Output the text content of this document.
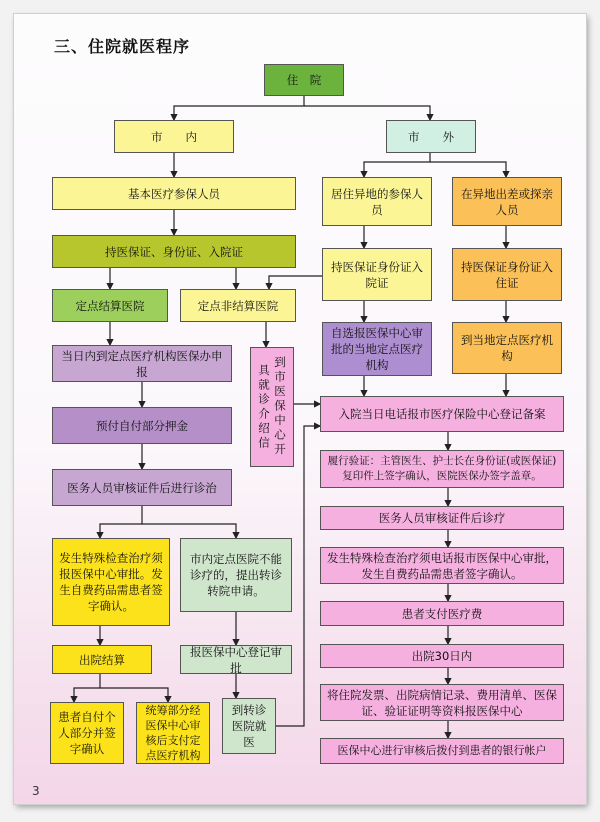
三、住院就医程序
住　院
市　　内	市　　外
基本医疗参保人员	居住异地的参保人员
在异地出差或探亲人员
持医保证、身份证、入院证
持医保证身份证入院证
持医保证身份证入住证
定点结算医院	定点非结算医院
当日内到定点医疗机构医保办申报	到市医保中心开具就诊介绍信
自选报医保中心审批的当地定点医疗机构
到当地定点医疗机构
预付自付部分押金
入院当日电话报市医疗保险中心登记备案
医务人员审核证件后进行诊治
履行验证：主管医生、护士长在身份证(或医保证)复印件上签字确认，医院医保办签字盖章。
医务人员审核证件后诊疗
发生特殊检查治疗须报医保中心审批。发生自费药品需患者签字确认。
市内定点医院不能诊疗的，提出转诊转院申请。
发生特殊检查治疗须电话报市医保中心审批，发生自费药品需患者签字确认。
患者支付医疗费
出院结算
报医保中心登记审批
出院30日内
患者自付个人部分并签字确认
统筹部分经医保中心审核后支付定点医疗机构
到转诊医院就医
将住院发票、出院病情记录、费用清单、医保证、验证证明等资料报医保中心
医保中心进行审核后拨付到患者的银行帐户
3
